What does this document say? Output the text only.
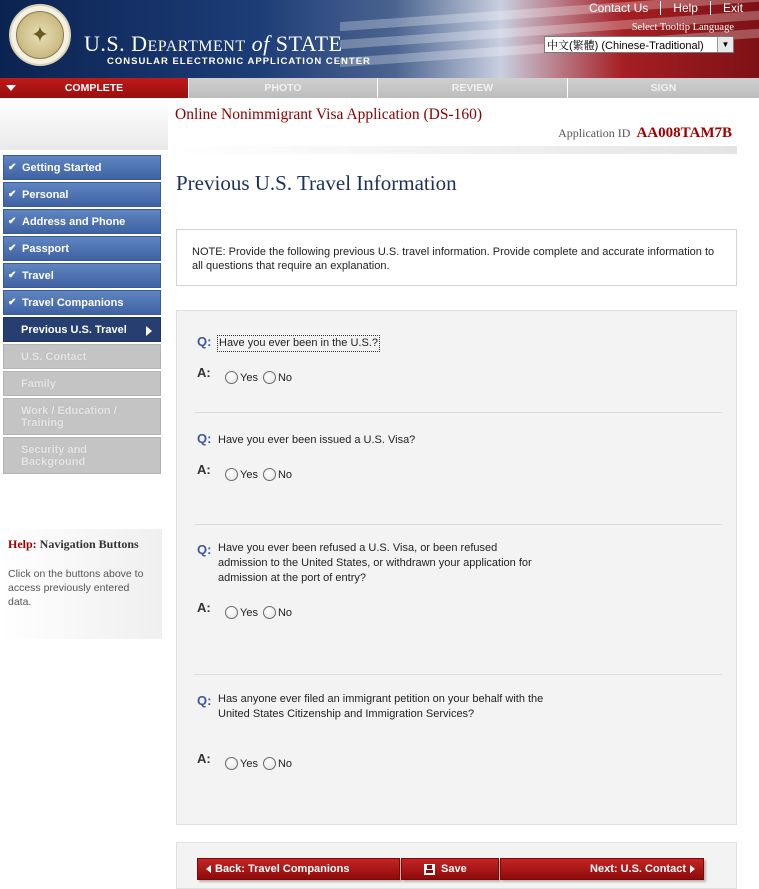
✦	U.S. DEPARTMENT of STATE
CONSULAR ELECTRONIC APPLICATION CENTER
Contact Us	Help	Exit
Select Tooltip Language
中文(繁體) (Chinese-Traditional)	▼
COMPLETE	PHOTO	REVIEW	SIGN
Online Nonimmigrant Visa Application (DS-160)
Application ID AA008TAM7B
✔ Getting Started
✔ Personal
✔ Address and Phone
✔ Passport
✔ Travel
✔ Travel Companions
Previous U.S. Travel
U.S. Contact
Family
Work / Education / Training
Security and Background
Help: Navigation Buttons
Click on the buttons above to access previously entered data.
Previous U.S. Travel Information
NOTE: Provide the following previous U.S. travel information. Provide complete and accurate information to all questions that require an explanation.
Q: Have you ever been in the U.S.?
A:	Yes No
Q: Have you ever been issued a U.S. Visa?
A:	Yes No
Q: Have you ever been refused a U.S. Visa, or been refused admission to the United States, or withdrawn your application for admission at the port of entry?
A:	Yes No
Q: Has anyone ever filed an immigrant petition on your behalf with the United States Citizenship and Immigration Services?
A:	Yes No
Back: Travel Companions	Save	Next: U.S. Contact
